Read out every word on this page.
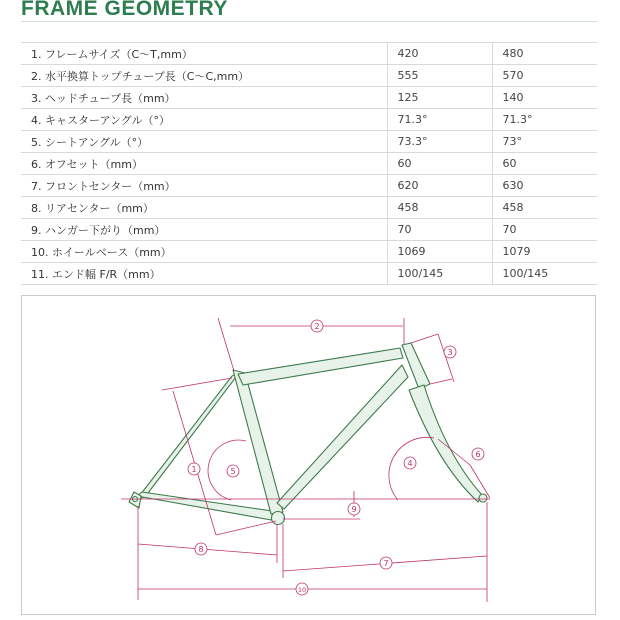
FRAME GEOMETRY
1. フレームサイズ（C〜T,mm）	420	480
2. 水平換算トップチューブ長（C〜C,mm）	555	570
3. ヘッドチューブ長（mm）	125	140
4. キャスターアングル（°）	71.3°	71.3°
5. シートアングル（°）	73.3°	73°
6. オフセット（mm）	60	60
7. フロントセンター（mm）	620	630
8. リアセンター（mm）	458	458
9. ハンガー下がり（mm）	70	70
10. ホイールベース（mm）	1069	1079
11. エンド幅 F/R（mm）	100/145	100/145
1
2
3
4
5
6
7
8
9
10
